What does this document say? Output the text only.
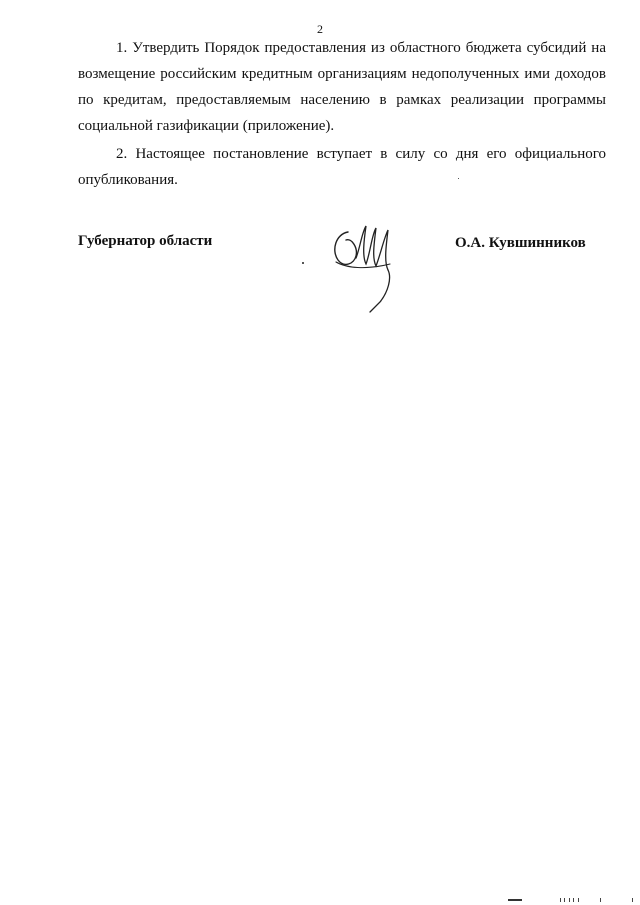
2

1. Утвердить Порядок предоставления из областного бюджета субсидий на возмещение российским кредитным организациям недополученных ими доходов по кредитам, предоставляемым населению в рамках реализации программы социальной газификации (приложение).

2. Настоящее постановление вступает в силу со дня его официального опубликования.

Губернатор области	О.А. Кувшинников
